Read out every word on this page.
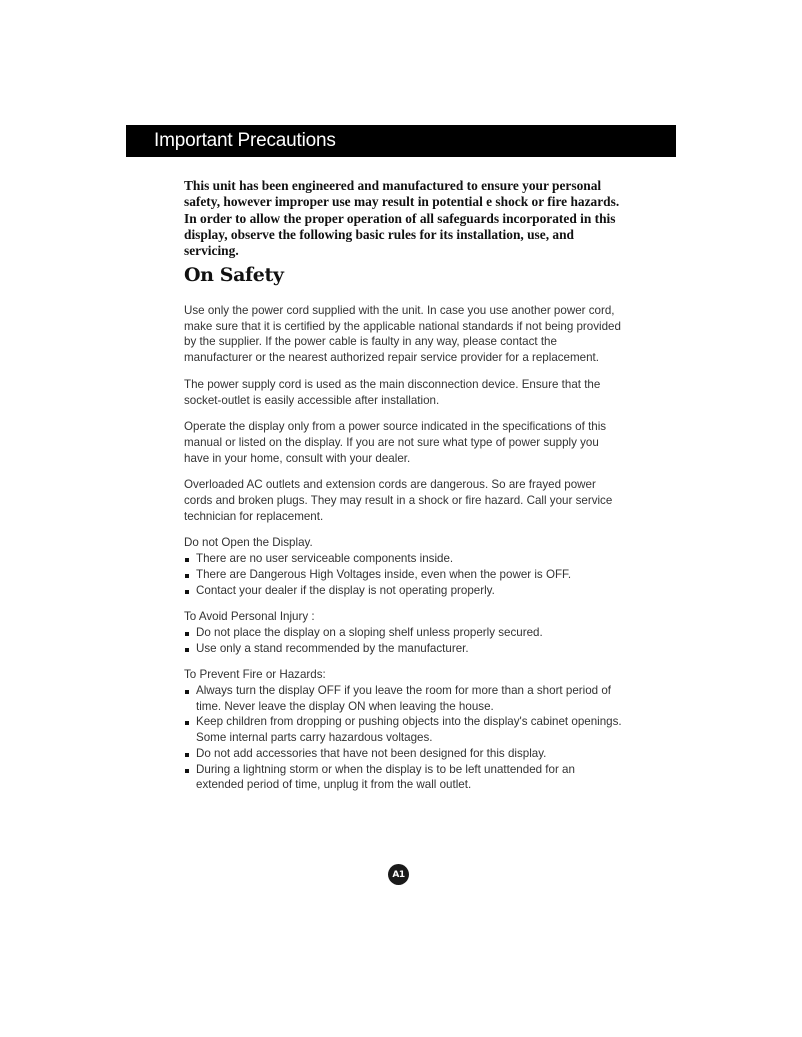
Important Precautions

This unit has been engineered and manufactured to ensure your personal safety, however improper use may result in potential e shock or fire hazards. In order to allow the proper operation of all safeguards incorporated in this display, observe the following basic rules for its installation, use, and servicing.

On Safety

Use only the power cord supplied with the unit. In case you use another power cord, make sure that it is certified by the applicable national standards if not being provided by the supplier. If the power cable is faulty in any way, please contact the manufacturer or the nearest authorized repair service provider for a replacement.

The power supply cord is used as the main disconnection device. Ensure that the socket-outlet is easily accessible after installation.

Operate the display only from a power source indicated in the specifications of this manual or listed on the display. If you are not sure what type of power supply you have in your home, consult with your dealer.

Overloaded AC outlets and extension cords are dangerous. So are frayed power cords and broken plugs. They may result in a shock or fire hazard. Call your service technician for replacement.

Do not Open the Display.
There are no user serviceable components inside.
There are Dangerous High Voltages inside, even when the power is OFF.
Contact your dealer if the display is not operating properly.
To Avoid Personal Injury :
Do not place the display on a sloping shelf unless properly secured.
Use only a stand recommended by the manufacturer.
To Prevent Fire or Hazards:
Always turn the display OFF if you leave the room for more than a short period of time. Never leave the display ON when leaving the house.
Keep children from dropping or pushing objects into the display's cabinet openings. Some internal parts carry hazardous voltages.
Do not add accessories that have not been designed for this display.
During a lightning storm or when the display is to be left unattended for an extended period of time, unplug it from the wall outlet.
A1
